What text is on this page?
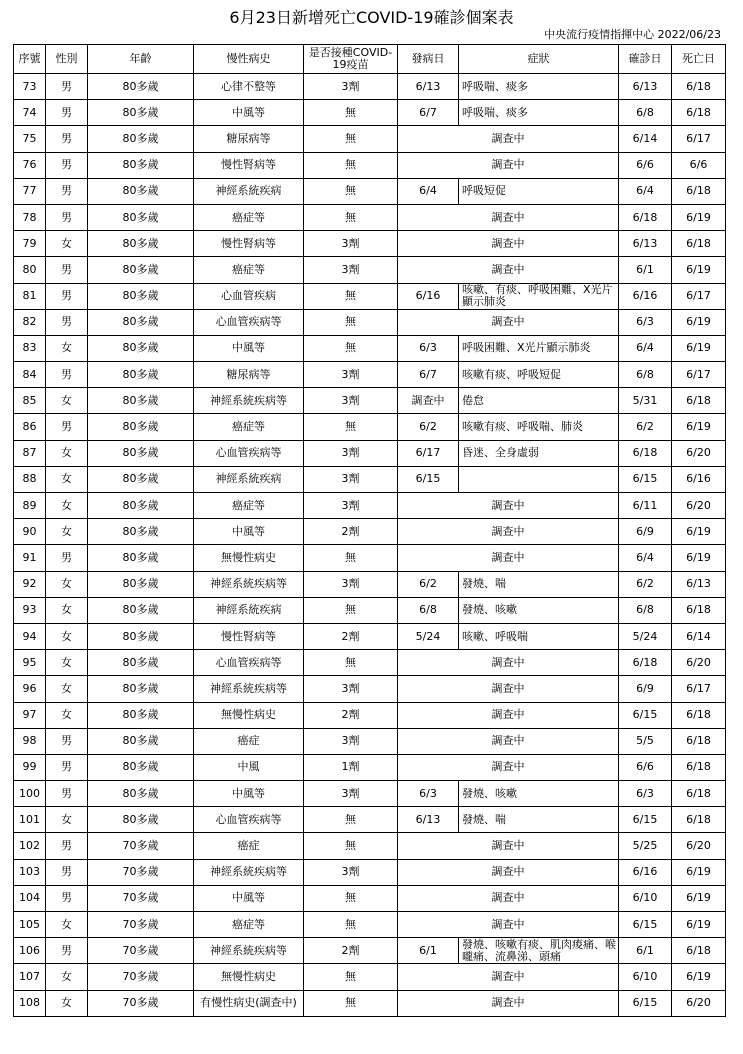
6月23日新增死亡COVID-19確診個案表
中央流行疫情指揮中心 2022/06/23
序號	性別	年齡	慢性病史	是否接種COVID-19疫苗	發病日	症狀	確診日	死亡日
73	男	80多歲	心律不整等	3劑	6/13	呼吸喘、痰多	6/13	6/18
74	男	80多歲	中風等	無	6/7	呼吸喘、痰多	6/8	6/18
75	男	80多歲	糖尿病等	無	調查中		6/14	6/17
76	男	80多歲	慢性腎病等	無	調查中		6/6	6/6
77	男	80多歲	神經系統疾病	無	6/4	呼吸短促	6/4	6/18
78	男	80多歲	癌症等	無	調查中		6/18	6/19
79	女	80多歲	慢性腎病等	3劑	調查中		6/13	6/18
80	男	80多歲	癌症等	3劑	調查中		6/1	6/19
81	男	80多歲	心血管疾病	無	6/16	咳嗽、有痰、呼吸困難、X光片顯示肺炎	6/16	6/17
82	男	80多歲	心血管疾病等	無	調查中		6/3	6/19
83	女	80多歲	中風等	無	6/3	呼吸困難、X光片顯示肺炎	6/4	6/19
84	男	80多歲	糖尿病等	3劑	6/7	咳嗽有痰、呼吸短促	6/8	6/17
85	女	80多歲	神經系統疾病等	3劑	調查中	倦怠	5/31	6/18
86	男	80多歲	癌症等	無	6/2	咳嗽有痰、呼吸喘、肺炎	6/2	6/19
87	女	80多歲	心血管疾病等	3劑	6/17	昏迷、全身虛弱	6/18	6/20
88	女	80多歲	神經系統疾病	3劑	6/15		6/15	6/16
89	女	80多歲	癌症等	3劑	調查中		6/11	6/20
90	女	80多歲	中風等	2劑	調查中		6/9	6/19
91	男	80多歲	無慢性病史	無	調查中		6/4	6/19
92	女	80多歲	神經系統疾病等	3劑	6/2	發燒、喘	6/2	6/13
93	女	80多歲	神經系統疾病	無	6/8	發燒、咳嗽	6/8	6/18
94	女	80多歲	慢性腎病等	2劑	5/24	咳嗽、呼吸喘	5/24	6/14
95	女	80多歲	心血管疾病等	無	調查中		6/18	6/20
96	女	80多歲	神經系統疾病等	3劑	調查中		6/9	6/17
97	女	80多歲	無慢性病史	2劑	調查中		6/15	6/18
98	男	80多歲	癌症	3劑	調查中		5/5	6/18
99	男	80多歲	中風	1劑	調查中		6/6	6/18
100	男	80多歲	中風等	3劑	6/3	發燒、咳嗽	6/3	6/18
101	女	80多歲	心血管疾病等	無	6/13	發燒、喘	6/15	6/18
102	男	70多歲	癌症	無	調查中		5/25	6/20
103	男	70多歲	神經系統疾病等	3劑	調查中		6/16	6/19
104	男	70多歲	中風等	無	調查中		6/10	6/19
105	女	70多歲	癌症等	無	調查中		6/15	6/19
106	男	70多歲	神經系統疾病等	2劑	6/1	發燒、咳嗽有痰、肌肉痠痛、喉嚨痛、流鼻涕、頭痛	6/1	6/18
107	女	70多歲	無慢性病史	無	調查中		6/10	6/19
108	女	70多歲	有慢性病史(調查中)	無	調查中		6/15	6/20
